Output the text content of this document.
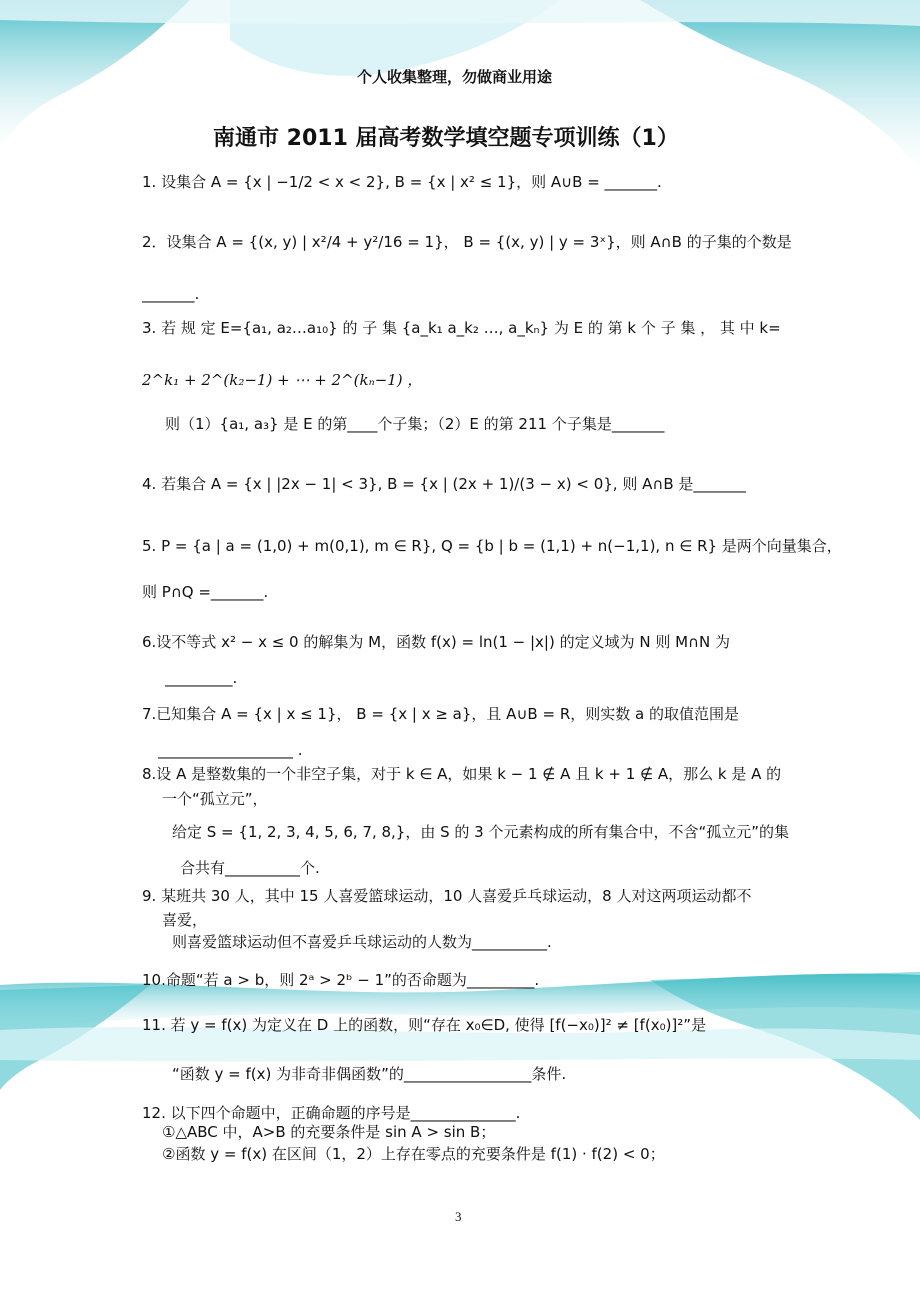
个人收集整理，勿做商业用途
南通市 2011 届高考数学填空题专项训练（1）
1. 设集合 A = {x | −1/2 < x < 2}, B = {x | x² ≤ 1}，则 A∪B = _______.
2．设集合 A = {(x, y) | x²/4 + y²/16 = 1}， B = {(x, y) | y = 3ˣ}，则 A∩B 的子集的个数是
_______.
3. 若 规 定 E={a₁, a₂…a₁₀} 的 子 集 {a_k₁ a_k₂ …, a_kₙ} 为 E 的 第 k 个 子 集 ， 其 中 k=
2^k₁ + 2^(k₂−1) + ⋯ + 2^(kₙ−1) ，
则（1）{a₁, a₃} 是 E 的第____个子集；（2）E 的第 211 个子集是_______
4. 若集合 A = {x | |2x − 1| < 3}, B = {x | (2x + 1)/(3 − x) < 0}, 则 A∩B 是_______
5. P = {a | a = (1,0) + m(0,1), m ∈ R}, Q = {b | b = (1,1) + n(−1,1), n ∈ R} 是两个向量集合，
则 P∩Q =_______.
6.设不等式 x² − x ≤ 0 的解集为 M，函数 f(x) = ln(1 − |x|) 的定义域为 N 则 M∩N 为
_________.
7.已知集合 A = {x | x ≤ 1}， B = {x | x ≥ a}，且 A∪B = R，则实数 a 的取值范围是
__________________ .
8.设 A 是整数集的一个非空子集，对于 k ∈ A，如果 k − 1 ∉ A 且 k + 1 ∉ A，那么 k 是 A 的
一个“孤立元”，
给定 S = {1, 2, 3, 4, 5, 6, 7, 8,}，由 S 的 3 个元素构成的所有集合中，不含“孤立元”的集
合共有__________个.
9. 某班共 30 人，其中 15 人喜爱篮球运动，10 人喜爱乒乓球运动，8 人对这两项运动都不
喜爱，
则喜爱篮球运动但不喜爱乒乓球运动的人数为__________.
10.命题“若 a > b，则 2ᵃ > 2ᵇ − 1”的否命题为_________.
11. 若 y = f(x) 为定义在 D 上的函数，则“存在 x₀∈D, 使得 [f(−x₀)]² ≠ [f(x₀)]²”是
“函数 y = f(x) 为非奇非偶函数”的_________________条件.
12. 以下四个命题中，正确命题的序号是______________.
①△ABC 中，A>B 的充要条件是 sin A > sin B；
②函数 y = f(x) 在区间（1，2）上存在零点的充要条件是 f(1) · f(2) < 0；
3
